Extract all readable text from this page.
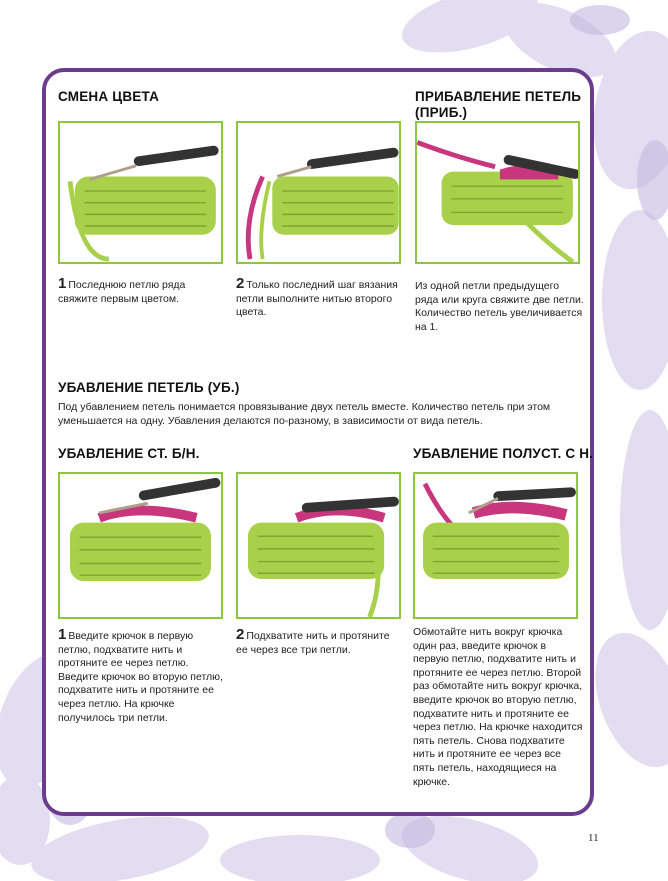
СМЕНА ЦВЕТА
1 Последнюю петлю ряда свяжите первым цветом.
2 Только последний шаг вязания петли выполните нитью второго цвета.
ПРИБАВЛЕНИЕ ПЕТЕЛЬ (ПРИБ.)
Из одной петли предыдущего ряда или круга свяжите две петли. Количество петель увеличивается на 1.
УБАВЛЕНИЕ ПЕТЕЛЬ (УБ.)

Под убавлением петель понимается провязывание двух петель вместе. Количество петель при этом уменьшается на одну. Убавления делаются по-разному, в зависимости от вида петель.

УБАВЛЕНИЕ СТ. Б/Н.
1 Введите крючок в первую петлю, подхватите нить и протяните ее через петлю. Введите крючок во вторую петлю, подхватите нить и протяните ее через петлю. На крючке получилось три петли.
2 Подхватите нить и протяните ее через все три петли.
УБАВЛЕНИЕ ПОЛУСТ. С Н.
Обмотайте нить вокруг крючка один раз, введите крючок в первую петлю, подхватите нить и протяните ее через петлю. Второй раз обмотайте нить вокруг крючка, введите крючок во вторую петлю, подхватите нить и протяните ее через петлю. На крючке находится пять петель. Снова подхватите нить и протяните ее через все пять петель, находящиеся на крючке.
11
